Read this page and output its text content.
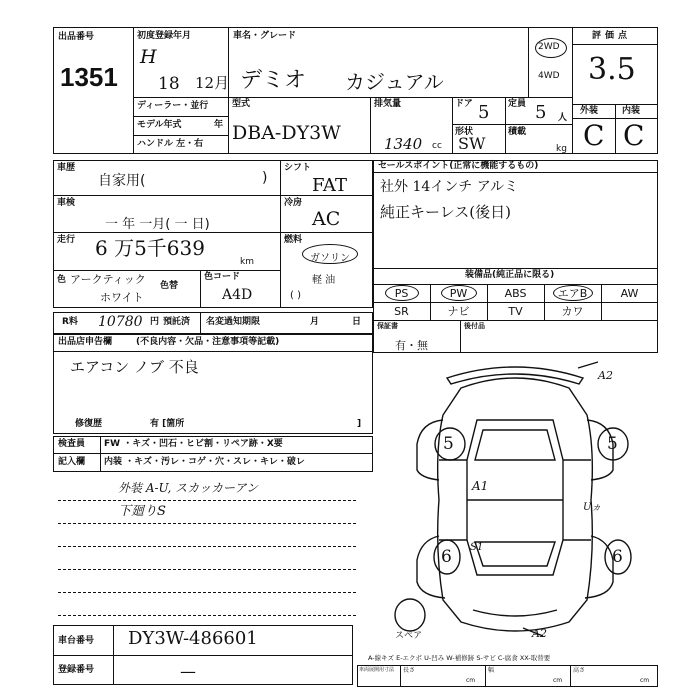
出品番号
1351
初度登録年月
H
18 12月
車名・グレード
デミオ カジュアル
2WD
4WD
評価点
3.5
外装	内装
C C
ディーラー・並行
モデル年式	年
ハンドル 左・右
型式
DBA-DY3W
排気量
1340 cc
ドア 5 定員 5 人
形状
SW
積載
kg
車歴
自家用(	)
車検
一 年 一月( 一 日)
走行 6 万5千639
km
色 アークティック
ホワイト
色替
色コード
A4D
シフト
FAT
冷房
AC
燃料
ガソリン
軽 油
( )
セールスポイント(正常に機能するもの)
社外 14インチ アルミ
純正キーレス(後日)
装備品(純正品に限る)
PS	PW	ABS	エアB	AW
SR	ナビ	TV	カワ
保証書
有・無
後付品
R料 10780 円 預託済 名変過知期限	月	日
出品店申告欄	(不良内容・欠品・注意事項等記載)
エアコン ノブ 不良
修復歴	有 [箇所	]
検査員
記入欄
FW ・キズ・凹石・ヒビ割・リペア跡・X要
内装 ・キズ・汚レ・コゲ・穴・スレ・キレ・破レ
外装 A-U, スカッカーアン
下廻りS
5	5
6	6
A2
A1
S1
Uヵ
A2
スペア
車台番号 DY3W-486601
登録番号	—
A-線キズ E-エクボ U-凹み W-補修跡 S-サビ C-腐食 XX-取替要
車両展開用寸法 長さ
cm
幅
cm
高さ
cm
